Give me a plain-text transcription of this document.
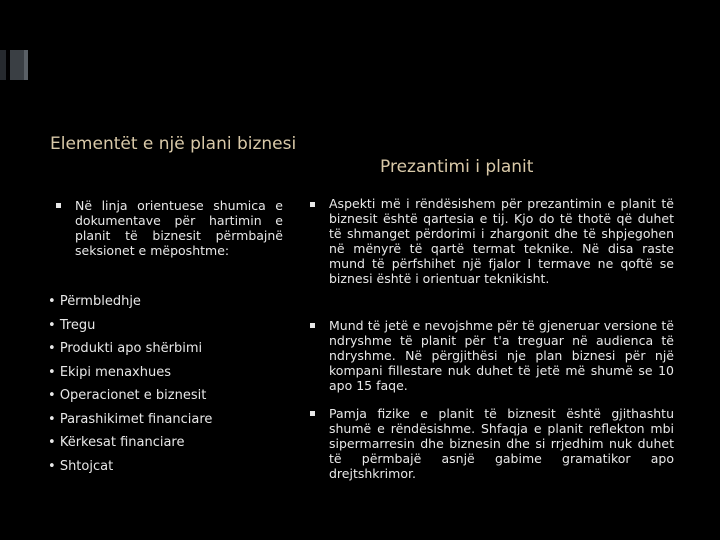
Elementët e një plani biznesi
Prezantimi i planit
Në linja orientuese shumica e dokumentave për hartimin e planit të biznesit përmbajnë seksionet e mëposhtme:
• Përmbledhje
• Tregu
• Produkti apo shërbimi
• Ekipi menaxhues
• Operacionet e biznesit
• Parashikimet financiare
• Kërkesat financiare
• Shtojcat
Aspekti më i rëndësishem për prezantimin e planit të biznesit është qartesia e tij. Kjo do të thotë që duhet të shmanget përdorimi i zhargonit dhe të shpjegohen në mënyrë të qartë termat teknike. Në disa raste mund të përfshihet një fjalor I termave ne qoftë se biznesi është i orientuar teknikisht.
Mund të jetë e nevojshme për të gjeneruar versione të ndryshme të planit për t'a treguar në audienca të ndryshme. Në përgjithësi nje plan biznesi për një kompani fillestare nuk duhet të jetë më shumë se 10 apo 15 faqe.
Pamja fizike e planit të biznesit është gjithashtu shumë e rëndësishme. Shfaqja e planit reflekton mbi sipermarresin dhe biznesin dhe si rrjedhim nuk duhet të përmbajë asnjë gabime gramatikor apo drejtshkrimor.
